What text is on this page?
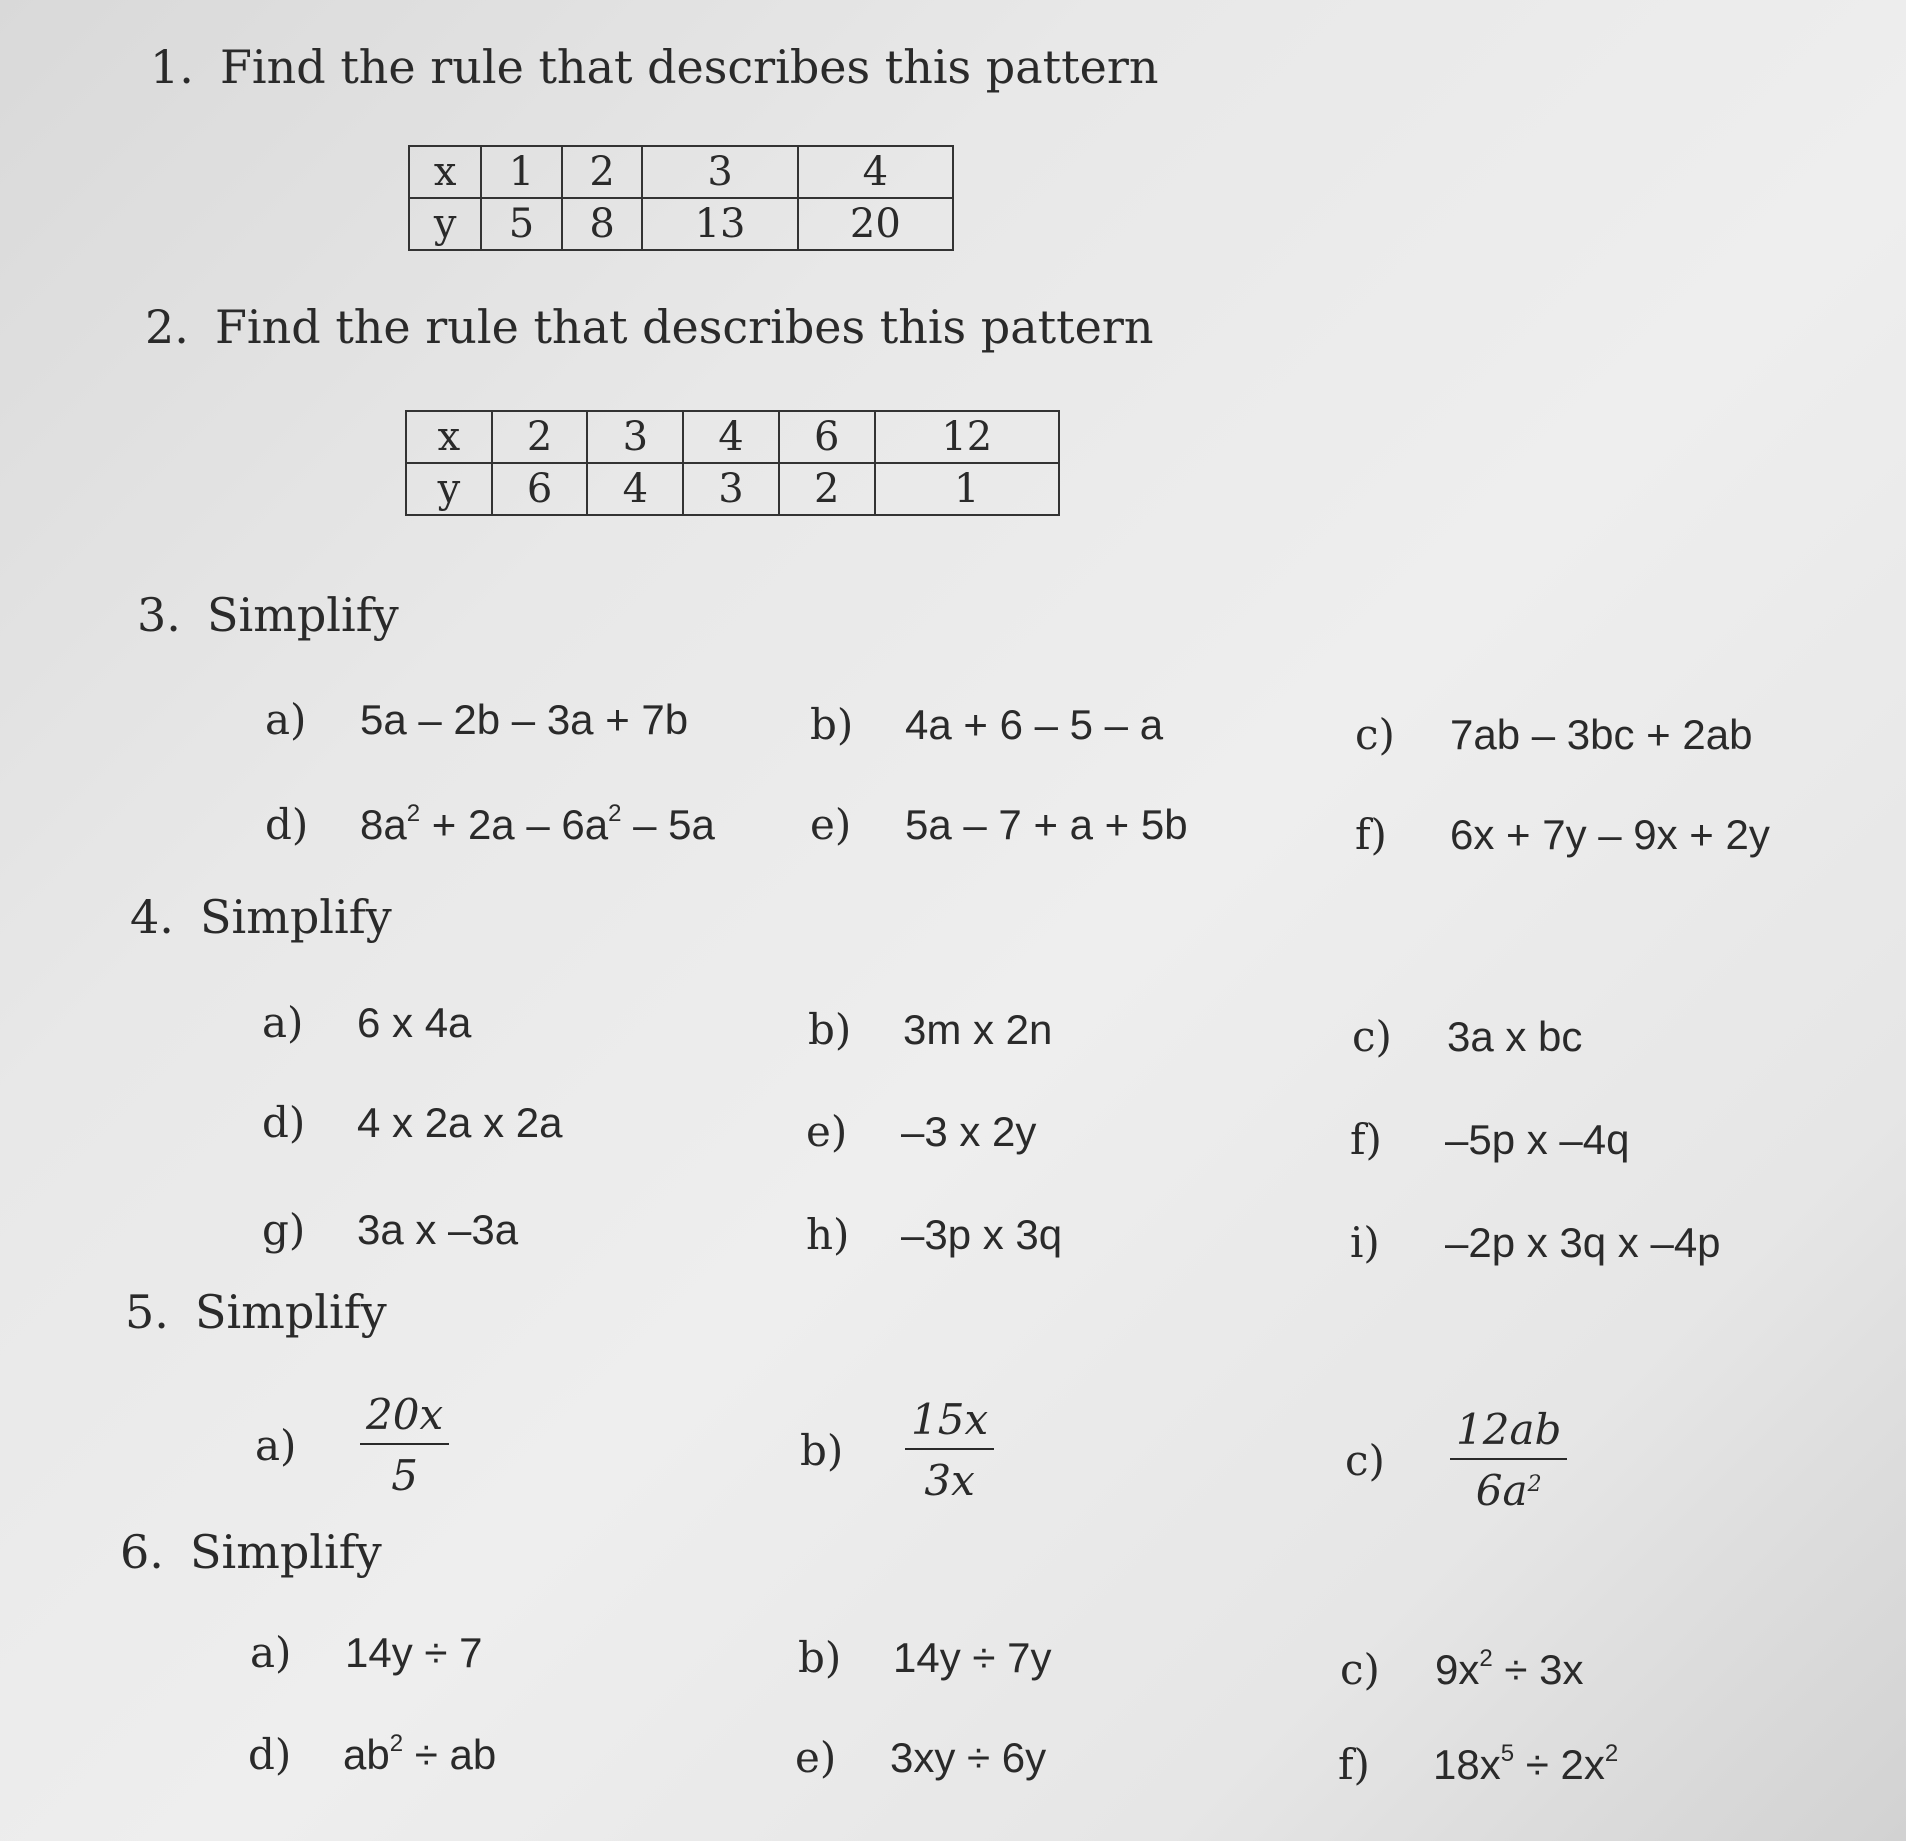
1. Find the rule that describes this pattern
x	1	2	3	4
y	5	8	13	20
2. Find the rule that describes this pattern
x	2	3	4	6	12
y	6	4	3	2	1
3. Simplify
a) 5a – 2b – 3a + 7b	b) 4a + 6 – 5 – a	c) 7ab – 3bc + 2ab
d) $8a^2 + 2a - 6a^2 - 5a$ e) 5a – 7 + a + 5b	f) 6x + 7y – 9x + 2y
4. Simplify
a) 6 x 4a	b) 3m x 2n	c) 3a x bc
d) 4 x 2a x 2a	e) –3 x 2y	f) –5p x –4q
g) 3a x –3a	h) –3p x 3q	i) –2p x 3q x –4p
5. Simplify
a)	$\frac{20x}{5}$	b)	$\frac{15x}{3x}$	c)	$\frac{12ab}{6a^2}$
6. Simplify
a) 14y ÷ 7	b) 14y ÷ 7y	c) $9x^2 \div 3x$
d) $ab^2$ ÷ ab	e) 3xy ÷ 6y	f) $18x^5 \div 2x^2$
